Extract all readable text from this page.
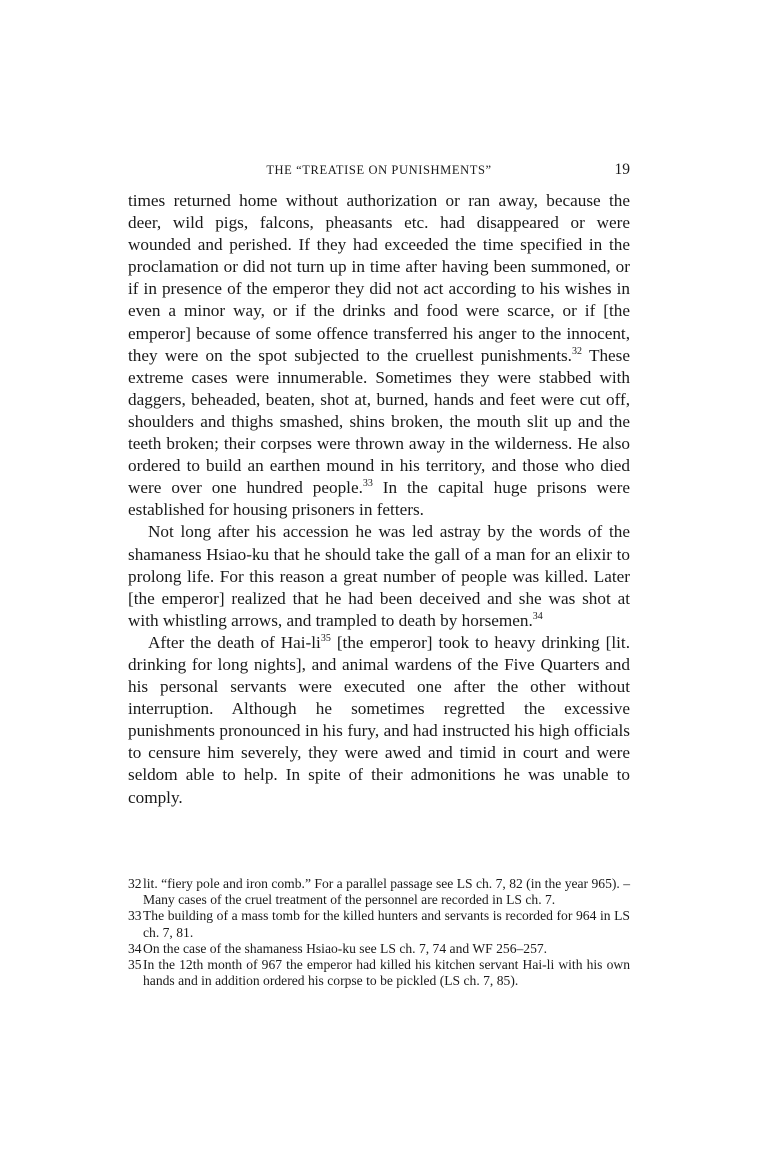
THE “TREATISE ON PUNISHMENTS”	19

times returned home without authorization or ran away, because the deer, wild pigs, falcons, pheasants etc. had disappeared or were wounded and perished. If they had exceeded the time specified in the proclamation or did not turn up in time after having been summoned, or if in presence of the emperor they did not act according to his wishes in even a minor way, or if the drinks and food were scarce, or if [the emperor] because of some offence transferred his anger to the innocent, they were on the spot subjected to the cruellest punishments.$^{32}$ These extreme cases were innumerable. Sometimes they were stabbed with daggers, beheaded, beaten, shot at, burned, hands and feet were cut off, shoulders and thighs smashed, shins broken, the mouth slit up and the teeth broken; their corpses were thrown away in the wilderness. He also ordered to build an earthen mound in his territory, and those who died were over one hundred people.$^{33}$ In the capital huge prisons were established for housing prisoners in fetters.

Not long after his accession he was led astray by the words of the shamaness Hsiao-ku that he should take the gall of a man for an elixir to prolong life. For this reason a great number of people was killed. Later [the emperor] realized that he had been deceived and she was shot at with whistling arrows, and trampled to death by horsemen.$^{34}$

After the death of Hai-$li^{35}$ [the emperor] took to heavy drinking [lit. drinking for long nights], and animal wardens of the Five Quarters and his personal servants were executed one after the other without interruption. Although he sometimes regretted the excessive punishments pronounced in his fury, and had instructed his high officials to censure him severely, they were awed and timid in court and were seldom able to help. In spite of their admonitions he was unable to comply.

32 lit. “fiery pole and iron comb.” For a parallel passage see LS ch. 7, 82 (in the year 965). – Many cases of the cruel treatment of the personnel are recorded in LS ch. 7.

33 The building of a mass tomb for the killed hunters and servants is recorded for 964 in LS ch. 7, 81.

34 On the case of the shamaness Hsiao-ku see LS ch. 7, 74 and WF 256–257.

35 In the 12th month of 967 the emperor had killed his kitchen servant Hai-li with his own hands and in addition ordered his corpse to be pickled (LS ch. 7, 85).
